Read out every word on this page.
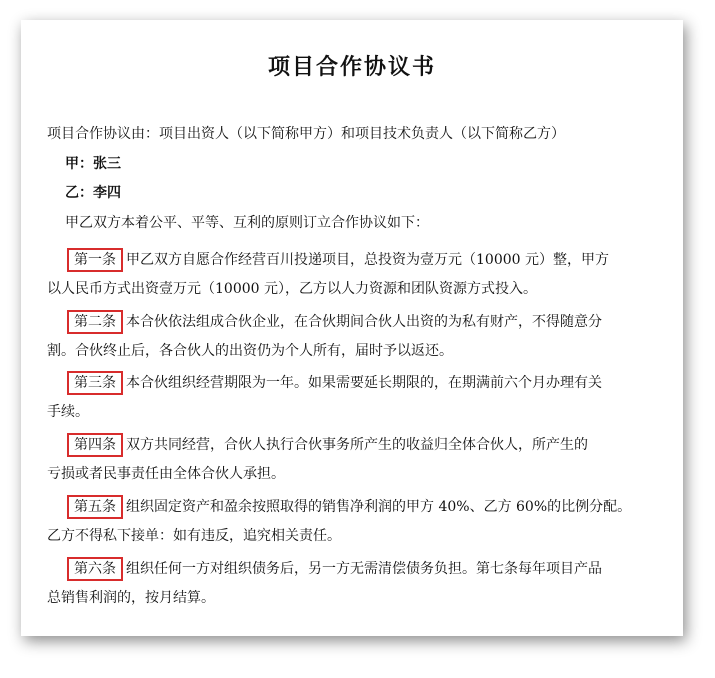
项目合作协议书
项目合作协议由：项目出资人（以下简称甲方）和项目技术负责人（以下简称乙方）
甲：张三
乙：李四
甲乙双方本着公平、平等、互利的原则订立合作协议如下：
第一条 甲乙双方自愿合作经营百川投递项目，总投资为壹万元（10000 元）整，甲方
以人民币方式出资壹万元（10000 元），乙方以人力资源和团队资源方式投入。
第二条 本合伙依法组成合伙企业，在合伙期间合伙人出资的为私有财产，不得随意分
割。合伙终止后，各合伙人的出资仍为个人所有，届时予以返还。
第三条 本合伙组织经营期限为一年。如果需要延长期限的，在期满前六个月办理有关
手续。
第四条 双方共同经营，合伙人执行合伙事务所产生的收益归全体合伙人，所产生的
亏损或者民事责任由全体合伙人承担。
第五条 组织固定资产和盈余按照取得的销售净利润的甲方 40%、乙方 60%的比例分配。
乙方不得私下接单：如有违反，追究相关责任。
第六条 组织任何一方对组织债务后，另一方无需清偿债务负担。第七条每年项目产品
总销售利润的，按月结算。
